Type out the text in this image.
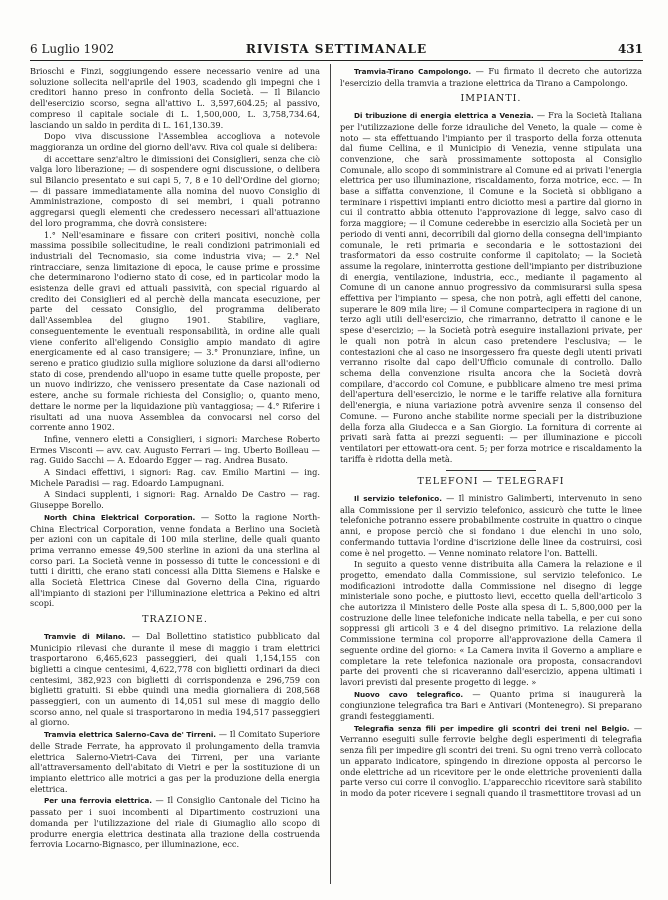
6 Luglio 1902	RIVISTA SETTIMANALE	431

Brioschi e Finzi, soggiungendo essere necessario venire ad una soluzione sollecita nell'aprile del 1903, scadendo gli impegni che i creditori hanno preso in confronto della Società. — Il Bilancio dell'esercizio scorso, segna all'attivo L. 3,597,604.25; al passivo, compreso il capitale sociale di L. 1,500,000, L. 3,758,734.64, lasciando un saldo in perdita di L. 161,130.39.

Dopo viva discussione l'Assemblea accogliova a notevole maggioranza un ordine del giorno dell'avv. Riva col quale si delibera:

di accettare senz'altro le dimissioni dei Consiglieri, senza che ciò valga loro liberazione; — di sospendere ogni discussione, o delibera sul Bilancio presentato e sui capi 5, 7, 8 e 10 dell'Ordine del giorno; — di passare immediatamente alla nomina del nuovo Consiglio di Amministrazione, composto di sei membri, i quali potranno aggregarsi quegli elementi che credessero necessari all'attuazione del loro programma, che dovrà consistere:

1.° Nell'esaminare e fissare con criteri positivi, nonchè colla massima possibile sollecitudine, le reali condizioni patrimoniali ed industriali del Tecnomasio, sia come industria viva; — 2.° Nel rintracciare, senza limitazione di epoca, le cause prime e prossime che determinarono l'odierno stato di cose, ed in particolar modo la esistenza delle gravi ed attuali passività, con special riguardo al credito dei Consiglieri ed al perchè della mancata esecuzione, per parte del cessato Consiglio, del programma deliberato dall'Assemblea del giugno 1901. Stabilire, vagliare, conseguentemente le eventuali responsabilità, in ordine alle quali viene conferito all'eligendo Consiglio ampio mandato di agire energicamente ed al caso transigere; — 3.° Pronunziare, infine, un sereno e pratico giudizio sulla migliore soluzione da darsi all'odierno stato di cose, prendendo all'uopo in esame tutte quelle proposte, per un nuovo indirizzo, che venissero presentate da Case nazionali od estere, anche su formale richiesta del Consiglio; o, quanto meno, dettare le norme per la liquidazione più vantaggiosa; — 4.° Riferire i risultati ad una nuova Assemblea da convocarsi nel corso del corrente anno 1902.

Infine, vennero eletti a Consiglieri, i signori: Marchese Roberto Ermes Visconti — avv. cav. Augusto Ferrari — ing. Uberto Boilleau — rag. Guido Sacchi — A. Edoardo Egger — rag. Andrea Busato.

A Sindaci effettivi, i signori: Rag. cav. Emilio Martini — ing. Michele Paradisi — rag. Edoardo Lampugnani.

A Sindaci supplenti, i signori: Rag. Arnaldo De Castro — rag. Giuseppe Borello.

North China Elektrical Corporation. — Sotto la ragione North-China Electrical Corporation, venne fondata a Berlino una Società per azioni con un capitale di 100 mila sterline, delle quali quanto prima verranno emesse 49,500 sterline in azioni da una sterlina al corso pari. La Società venne in possesso di tutte le concessioni e di tutti i diritti, che erano stati concessi alla Ditta Siemens e Halske e alla Società Elettrica Cinese dal Governo della Cina, riguardo all'impianto di stazioni per l'illuminazione elettrica a Pekino ed altri scopi.

TRAZIONE.

Tramvie di Milano. — Dal Bollettino statistico pubblicato dal Municipio rilevasi che durante il mese di maggio i tram elettrici trasportarono 6,465,623 passeggieri, dei quali 1,154,155 con biglietti a cinque centesimi, 4,622,778 con biglietti ordinari da dieci centesimi, 382,923 con biglietti di corrispondenza e 296,759 con biglietti gratuiti. Si ebbe quindi una media giornaliera di 208,568 passeggieri, con un aumento di 14,051 sul mese di maggio dello scorso anno, nel quale si trasportarono in media 194,517 passeggieri al giorno.

Tramvia elettrica Salerno-Cava de' Tirreni. — Il Comitato Superiore delle Strade Ferrate, ha approvato il prolungamento della tramvia elettrica Salerno-Vietri-Cava dei Tirreni, per una variante all'attraversamento dell'abitato di Vietri e per la sostituzione di un impianto elettrico alle motrici a gas per la produzione della energia elettrica.

Per una ferrovia elettrica. — Il Consiglio Cantonale del Ticino ha passato per i suoi incombenti al Dipartimento costruzioni una domanda per l'utilizzazione del riale di Giumaglio allo scopo di produrre energia elettrica destinata alla trazione della costruenda ferrovia Locarno-Bignasco, per illuminazione, ecc.

Tramvia-Tirano Campolongo. — Fu firmato il decreto che autorizza l'esercizio della tramvia a trazione elettrica da Tirano a Campolongo.

IMPIANTI.

Di tribuzione di energia elettrica a Venezia. — Fra la Società Italiana per l'utilizzazione delle forze idrauliche del Veneto, la quale — come è noto — sta effettuando l'impianto per il trasporto della forza ottenuta dal fiume Cellina, e il Municipio di Venezia, venne stipulata una convenzione, che sarà prossimamente sottoposta al Consiglio Comunale, allo scopo di somministrare al Comune ed ai privati l'energia elettrica per uso illuminazione, riscaldamento, forza motrice, ecc. — In base a siffatta convenzione, il Comune e la Società si obbligano a terminare i rispettivi impianti entro diciotto mesi a partire dal giorno in cui il contratto abbia ottenuto l'approvazione di legge, salvo caso di forza maggiore; — il Comune cederebbe in esercizio alla Società per un periodo di venti anni, decorribili dal giorno della consegna dell'impianto comunale, le reti primaria e secondaria e le sottostazioni dei trasformatori da esso costruite conforme il capitolato; — la Società assume la regolare, ininterrotta gestione dell'impianto per distribuzione di energia, ventilazione, industria, ecc., mediante il pagamento al Comune di un canone annuo progressivo da commisurarsi sulla spesa effettiva per l'impianto — spesa, che non potrà, agli effetti del canone, superare le 809 mila lire; — il Comune compartecipera in ragione di un terzo agli utili dell'esercizio, che rimarranno, detratto il canone e le spese d'esercizio; — la Società potrà eseguire installazioni private, per le quali non potrà in alcun caso pretendere l'esclusiva; — le contestazioni che al caso ne insorgessero fra queste degli utenti privati verranno risolte dal capo dell'Ufficio comunale di controllo. Dallo schema della convenzione risulta ancora che la Società dovrà compilare, d'accordo col Comune, e pubblicare almeno tre mesi prima dell'apertura dell'esercizio, le norme e le tariffe relative alla fornitura dell'energia, e niuna variazione potrà avvenire senza il consenso del Comune. — Furono anche stabilite norme speciali per la distribuzione della forza alla Giudecca e a San Giorgio. La fornitura di corrente ai privati sarà fatta ai prezzi seguenti: — per illuminazione e piccoli ventilatori per ettowatt-ora cent. 5; per forza motrice e riscaldamento la tariffa è ridotta della metà.

TELEFONI — TELEGRAFI

Il servizio telefonico. — Il ministro Galimberti, intervenuto in seno alla Commissione per il servizio telefonico, assicurò che tutte le linee telefoniche potranno essere probabilmente costruite in quattro o cinque anni, e propose perciò che si fondano i due elenchi in uno solo, confermando tuttavia l'ordine d'iscrizione delle linee da costruirsi, così come è nel progetto. — Venne nominato relatore l'on. Battelli.

In seguito a questo venne distribuita alla Camera la relazione e il progetto, emendato dalla Commissione, sul servizio telefonico. Le modificazioni introdotte dalla Commissione nel disegno di legge ministeriale sono poche, e piuttosto lievi, eccetto quella dell'articolo 3 che autorizza il Ministero delle Poste alla spesa di L. 5,800,000 per la costruzione delle linee telefoniche indicate nella tabella, e per cui sono soppressi gli articoli 3 e 4 del disegno primitivo. La relazione della Commissione termina col proporre all'approvazione della Camera il seguente ordine del giorno: « La Camera invita il Governo a ampliare e completare la rete telefonica nazionale ora proposta, consacrandovi parte dei proventi che si ricaveranno dall'esercizio, appena ultimati i lavori previsti dal presente progetto di legge. »

Nuovo cavo telegrafico. — Quanto prima si inaugurerà la congiunzione telegrafica tra Bari e Antivari (Montenegro). Si preparano grandi festeggiamenti.

Telegrafia senza fili per impedire gli scontri dei treni nel Belgio. — Verranno eseguiti sulle ferrovie belghe degli esperimenti di telegrafia senza fili per impedire gli scontri dei treni. Su ogni treno verrà collocato un apparato indicatore, spingendo in direzione opposta al percorso le onde elettriche ad un ricevitore per le onde elettriche provenienti dalla parte verso cui corre il convoglio. L'apparecchio ricevitore sarà stabilito in modo da poter ricevere i segnali quando il trasmettitore trovasi ad un
